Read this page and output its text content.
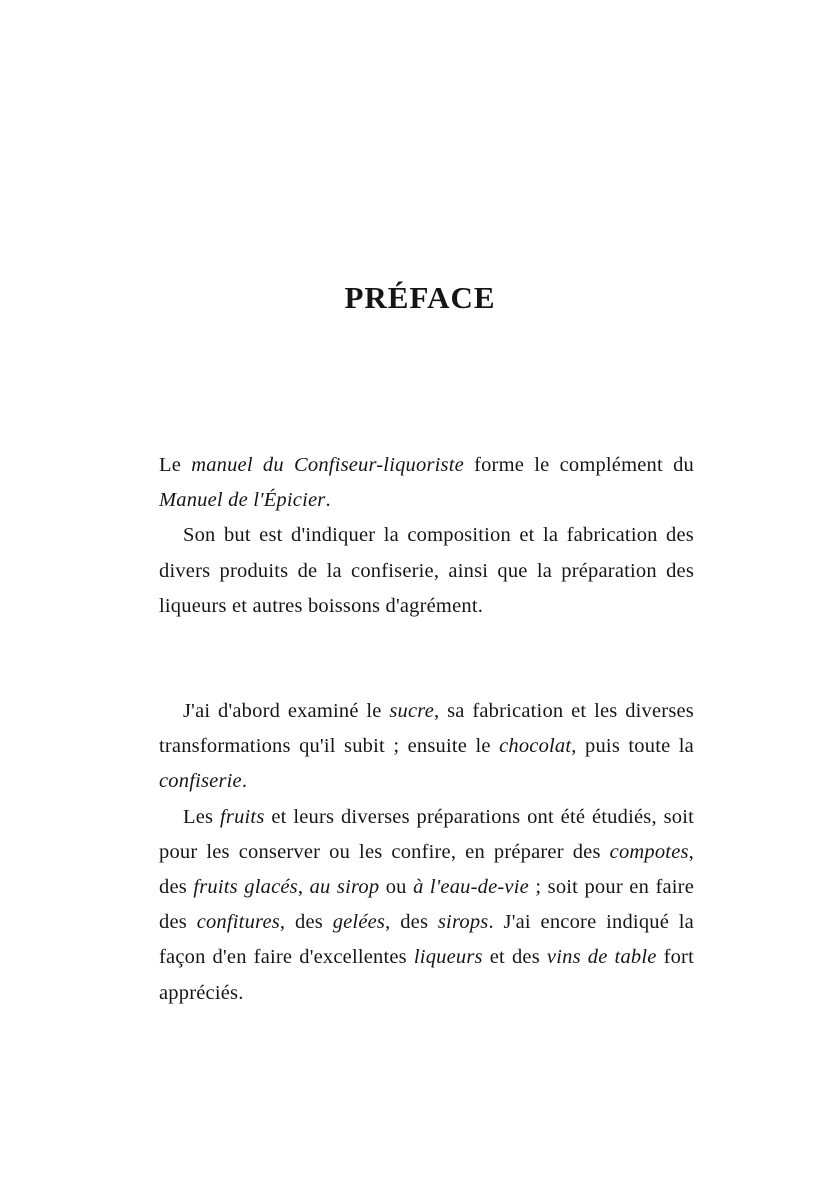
PRÉFACE

Le manuel du Confiseur-liquoriste forme le complément du Manuel de l'Épicier.

Son but est d'indiquer la composition et la fabrication des divers produits de la confiserie, ainsi que la préparation des liqueurs et autres boissons d'agrément.

J'ai d'abord examiné le sucre, sa fabrication et les diverses transformations qu'il subit ; ensuite le chocolat, puis toute la confiserie.

Les fruits et leurs diverses préparations ont été étudiés, soit pour les conserver ou les confire, en préparer des compotes, des fruits glacés, au sirop ou à l'eau-de-vie ; soit pour en faire des confitures, des gelées, des sirops. J'ai encore indiqué la façon d'en faire d'excellentes liqueurs et des vins de table fort appréciés.
